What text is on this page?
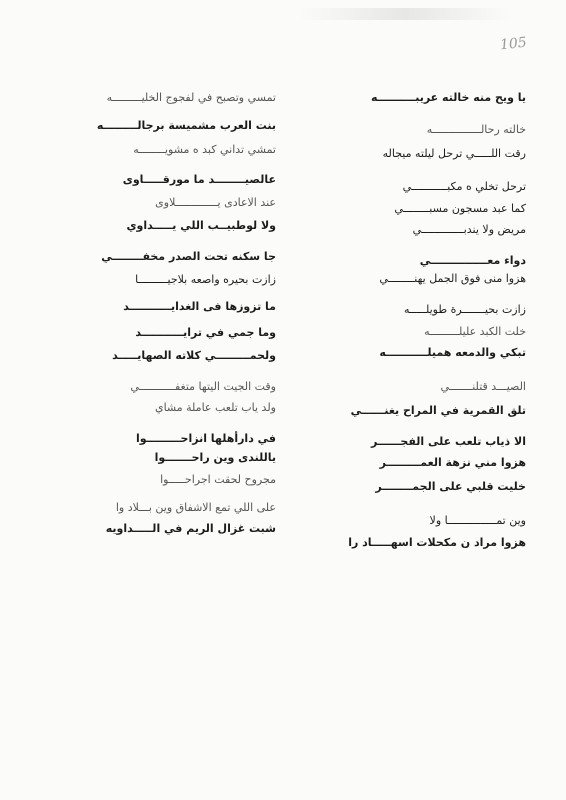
105
يا ويح منه خالته عريبــــــــــه
خالته رحالـــــــــــــــه
رقت اللـــــي ترحل ليلته ميجاله
ترحل تخلي ه مكبـــــــــــي
كما عبد مسجون مسبــــــــي
مريض ولا يندبـــــــــــــي
دواء معـــــــــــــــي
هزوا منى فوق الجمل يهنــــــــي
زازت بحيـــــــرة طويلـــــه
خلت الكبد عليلـــــــــه
تبكي والدمعه هميلـــــــــــه
الصيـــد قتلنـــــــي
تلق القمرية في المراح يغنــــــي
الا ذياب تلعب على الفجــــــر
هزوا مني نزهة العمـــــــــر
خليت قلبي على الجمــــــــر
وين تمـــــــــــــــا ولا
هزوا مراد ن مكحلات اسهـــــاد را
تمسي وتصبح في لفجوج الخليـــــــــه
بنت العرب مشميسة برجالـــــــــه
تمشي تداني كبد ه مشويــــــــه
عالصيــــــــد ما مورقـــــاوى
عند الاعادى يـــــــــــــلاوى
ولا لوطبيــب اللي يـــــداوي
جا سكنه تحت الصدر مخفــــــــي
زازت بحيره واصعه بلاجيـــــــــا
ما تزوزها فى الغدايـــــــــــد
وما جمي في ترايـــــــــــد
ولحمـــــــــي كلاته الصهايـــــد
وقت الجيت اليتها متغفـــــــــــي
ولد ياب تلعب عاملة مشاي
في دارأهلها انزاحـــــــــوا
ياللندى وين راحـــــــوا
مجروح لحقت اجراحـــــوا
على اللي تمع الاشفاق وين بـــلاد وا
شبت غزال الريم في الـــــداويه
